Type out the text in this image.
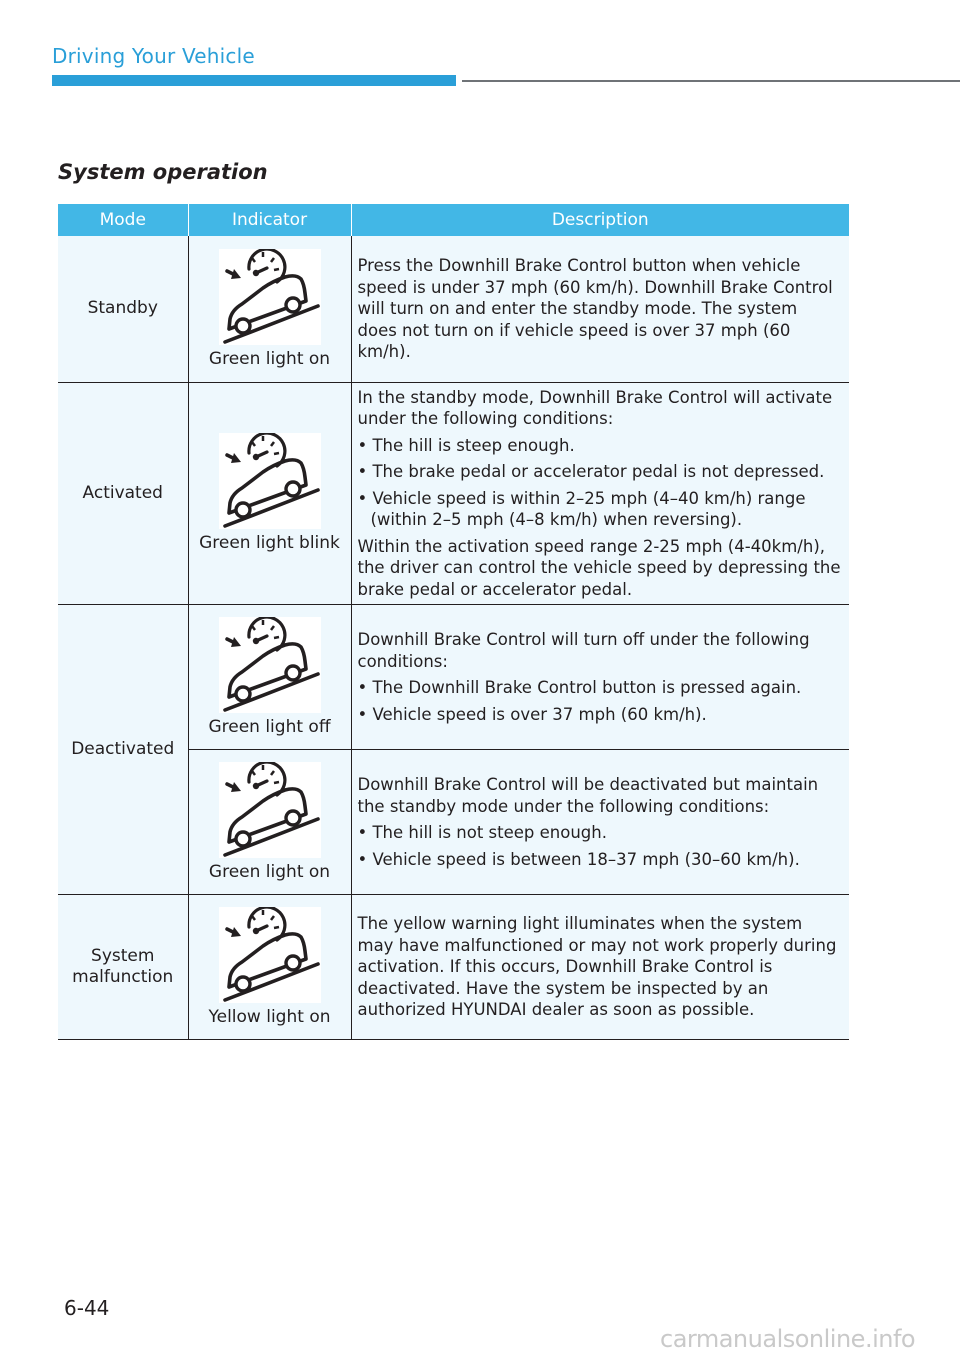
Driving Your Vehicle
System operation
Mode	Indicator	Description
Standby	Green light on	Press the Downhill Brake Control button when vehicle speed is under 37 mph (60 km/h). Downhill Brake Control will turn on and enter the standby mode. The system does not turn on if vehicle speed is over 37 mph (60 km/h).

Activated	Green light blink	In the standby mode, Downhill Brake Control will activate under the following conditions:

• The hill is steep enough.

• The brake pedal or accelerator pedal is not depressed.

• Vehicle speed is within 2–25 mph (4–40 km/h) range (within 2–5 mph (4–8 km/h) when reversing).

Within the activation speed range 2-25 mph (4-40km/h), the driver can control the vehicle speed by depressing the brake pedal or accelerator pedal.

Deactivated	Green light off	Downhill Brake Control will turn off under the following conditions:

• The Downhill Brake Control button is pressed again.

• Vehicle speed is over 37 mph (60 km/h).

	Green light on	Downhill Brake Control will be deactivated but maintain the standby mode under the following conditions:

• The hill is not steep enough.

• Vehicle speed is between 18–37 mph (30–60 km/h).

System malfunction	Yellow light on	The yellow warning light illuminates when the system may have malfunctioned or may not work properly during activation. If this occurs, Downhill Brake Control is deactivated. Have the system be inspected by an authorized HYUNDAI dealer as soon as possible.

6-44
carmanualsonline.info
